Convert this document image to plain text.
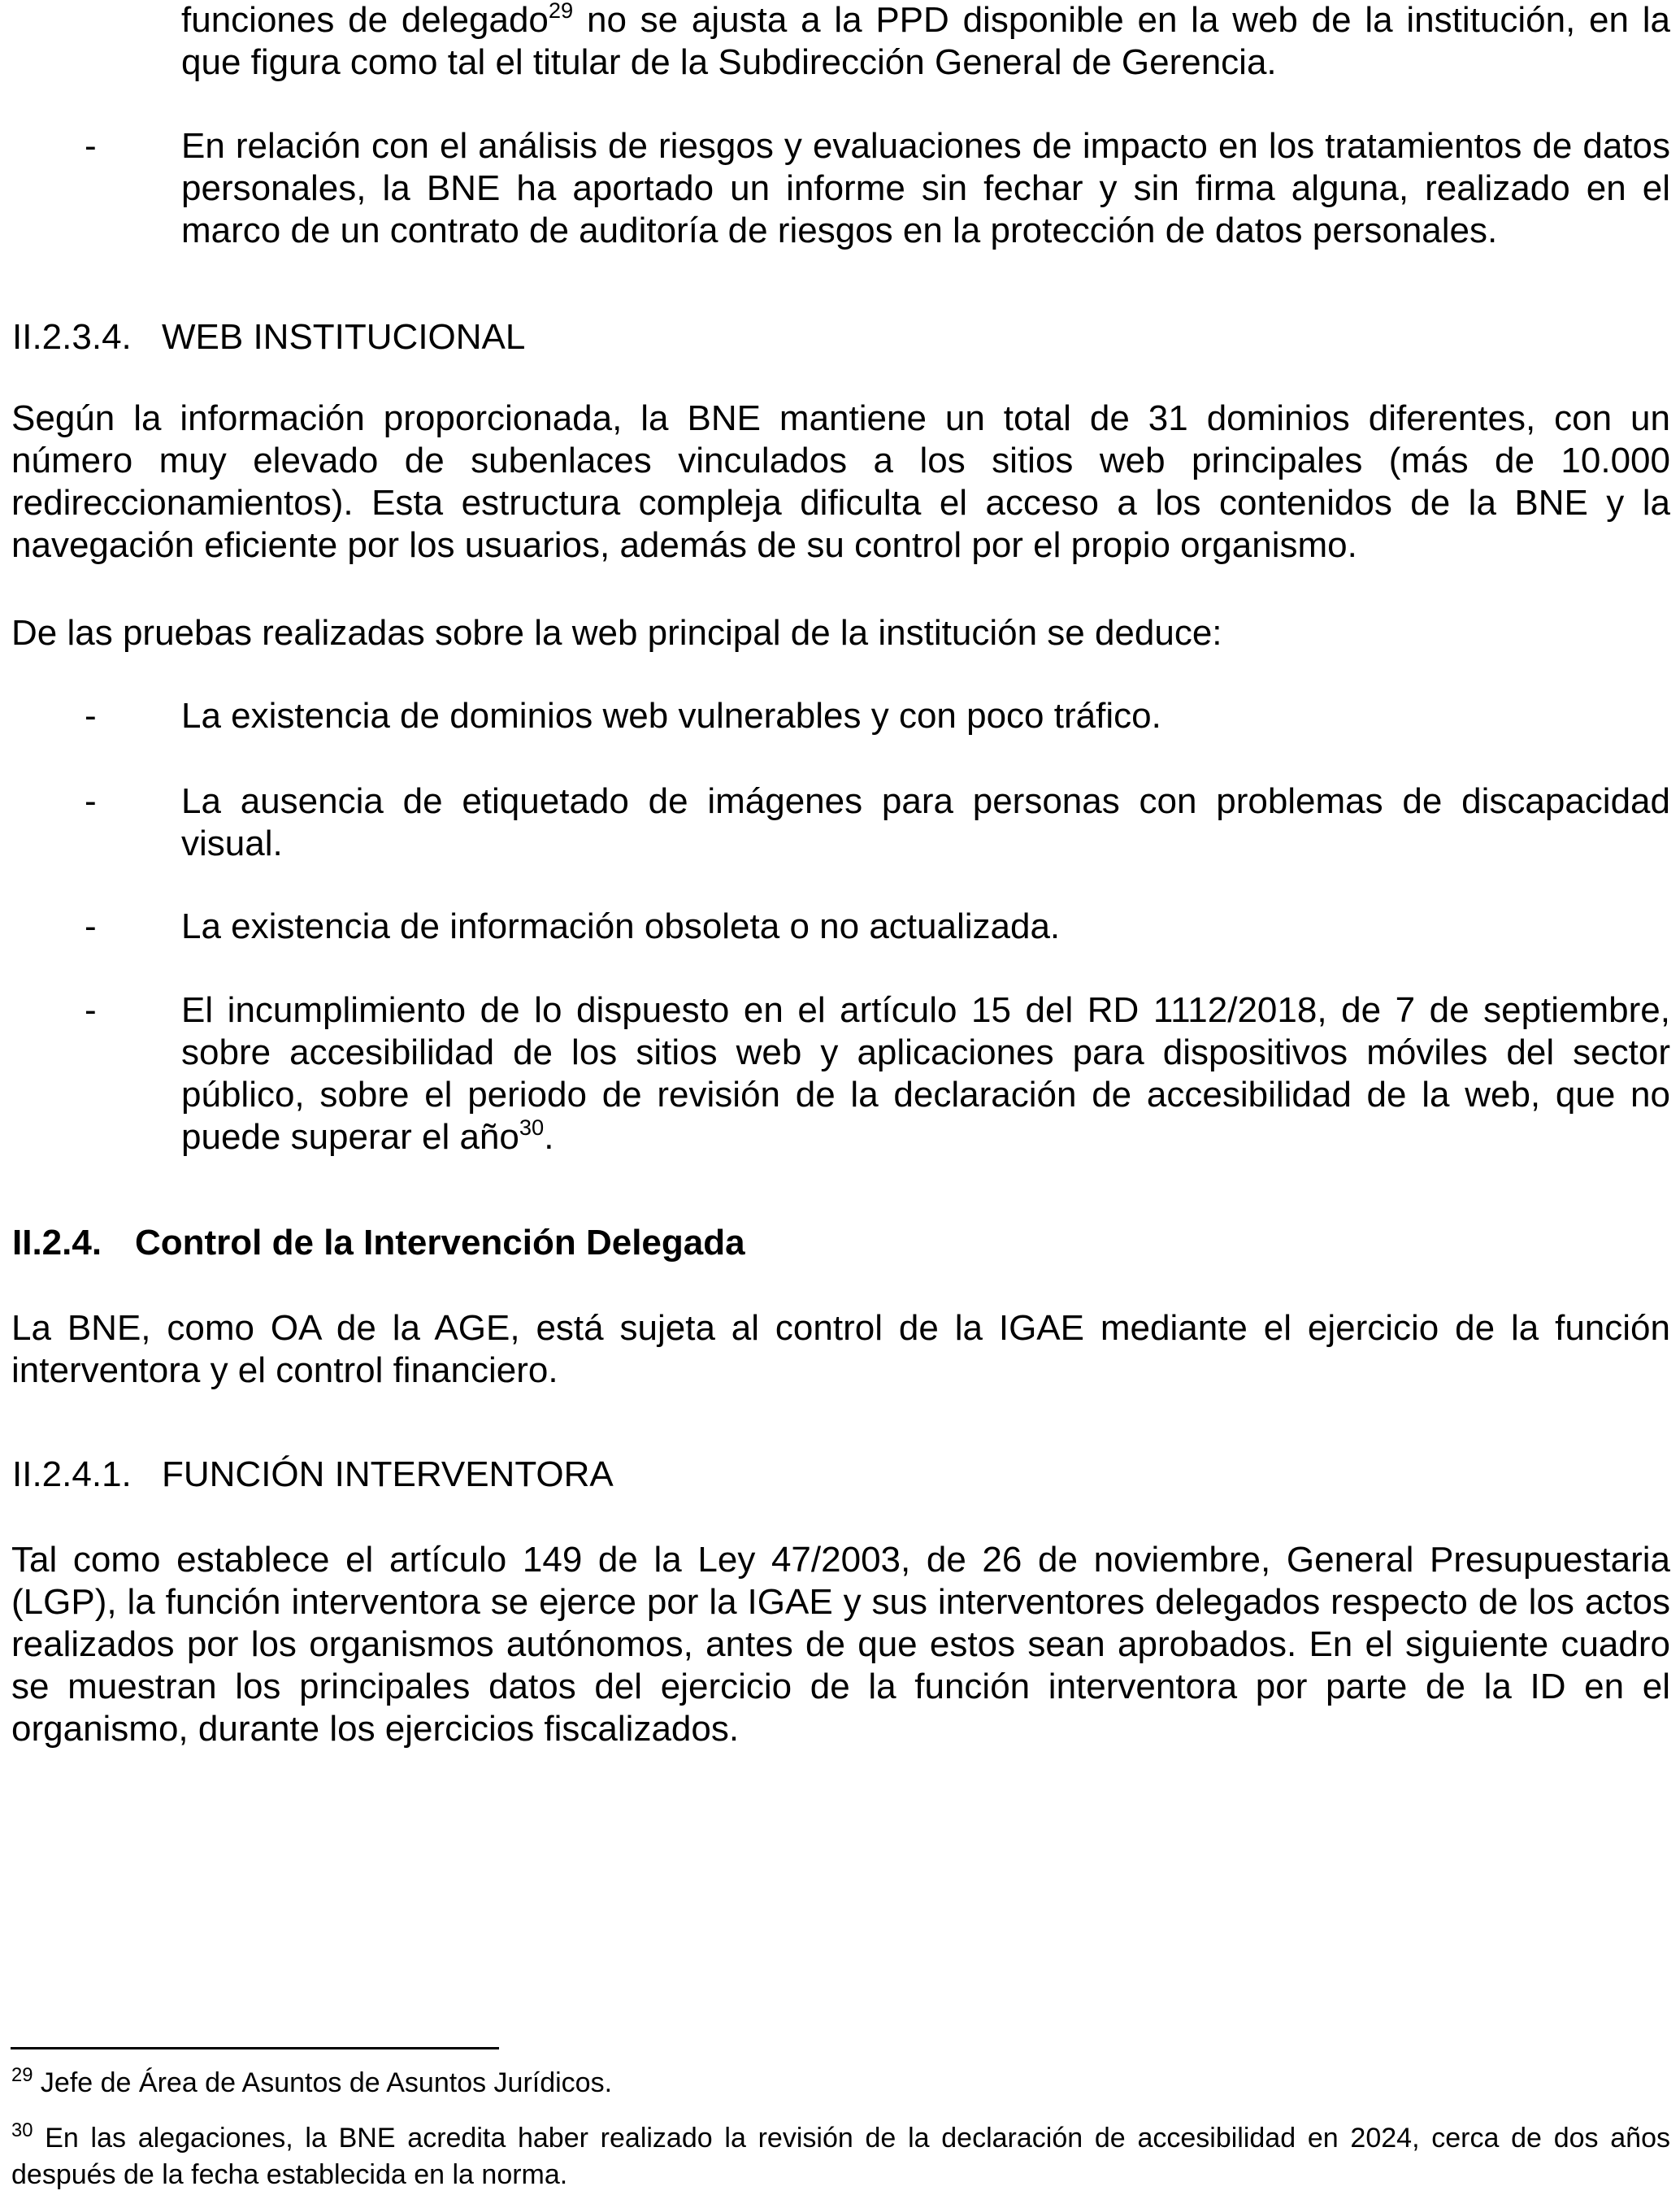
funciones de delegado$^{29}$ no se ajusta a la PPD disponible en la web de la institución, en la que figura como tal el titular de la Subdirección General de Gerencia.

- En relación con el análisis de riesgos y evaluaciones de impacto en los tratamientos de datos personales, la BNE ha aportado un informe sin fechar y sin firma alguna, realizado en el marco de un contrato de auditoría de riesgos en la protección de datos personales.

II.2.3.4. WEB INSTITUCIONAL

Según la información proporcionada, la BNE mantiene un total de 31 dominios diferentes, con un número muy elevado de subenlaces vinculados a los sitios web principales (más de 10.000 redireccionamientos). Esta estructura compleja dificulta el acceso a los contenidos de la BNE y la navegación eficiente por los usuarios, además de su control por el propio organismo.

De las pruebas realizadas sobre la web principal de la institución se deduce:

- La existencia de dominios web vulnerables y con poco tráfico.

- La ausencia de etiquetado de imágenes para personas con problemas de discapacidad visual.

- La existencia de información obsoleta o no actualizada.

- El incumplimiento de lo dispuesto en el artículo 15 del RD 1112/2018, de 7 de septiembre, sobre accesibilidad de los sitios web y aplicaciones para dispositivos móviles del sector público, sobre el periodo de revisión de la declaración de accesibilidad de la web, que no puede superar el año$^{30}$.

II.2.4. Control de la Intervención Delegada

La BNE, como OA de la AGE, está sujeta al control de la IGAE mediante el ejercicio de la función interventora y el control financiero.

II.2.4.1. FUNCIÓN INTERVENTORA

Tal como establece el artículo 149 de la Ley 47/2003, de 26 de noviembre, General Presupuestaria (LGP), la función interventora se ejerce por la IGAE y sus interventores delegados respecto de los actos realizados por los organismos autónomos, antes de que estos sean aprobados. En el siguiente cuadro se muestran los principales datos del ejercicio de la función interventora por parte de la ID en el organismo, durante los ejercicios fiscalizados.

$^{29}$ Jefe de Área de Asuntos de Asuntos Jurídicos.

$^{30}$ En las alegaciones, la BNE acredita haber realizado la revisión de la declaración de accesibilidad en 2024, cerca de dos años después de la fecha establecida en la norma.
